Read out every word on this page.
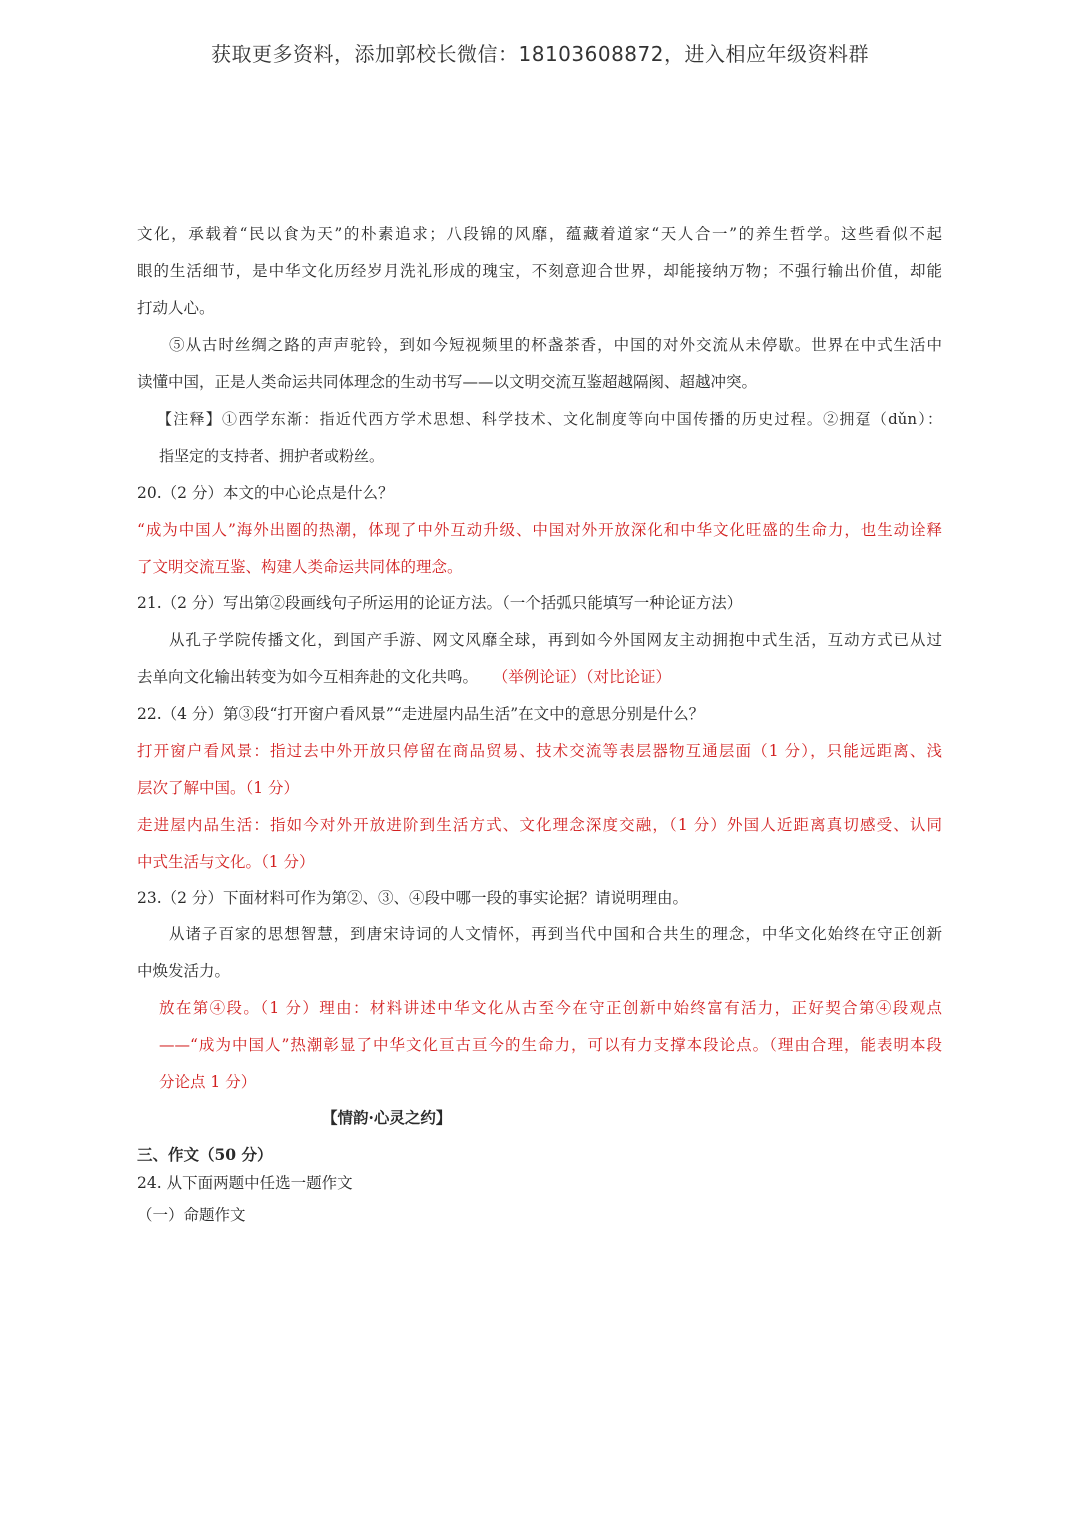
获取更多资料，添加郭校长微信：18103608872，进入相应年级资料群
文化，承载着“民以食为天”的朴素追求；八段锦的风靡，蕴藏着道家“天人合一”的养生哲学。这些看似不起
眼的生活细节，是中华文化历经岁月洗礼形成的瑰宝，不刻意迎合世界，却能接纳万物；不强行输出价值，却能
打动人心。
⑤从古时丝绸之路的声声驼铃，到如今短视频里的杯盏茶香，中国的对外交流从未停歇。世界在中式生活中
读懂中国，正是人类命运共同体理念的生动书写——以文明交流互鉴超越隔阂、超越冲突。
【注释】①西学东渐：指近代西方学术思想、科学技术、文化制度等向中国传播的历史过程。②拥趸（dǔn）：
指坚定的支持者、拥护者或粉丝。
20.（2 分）本文的中心论点是什么？
“成为中国人”海外出圈的热潮，体现了中外互动升级、中国对外开放深化和中华文化旺盛的生命力，也生动诠释
了文明交流互鉴、构建人类命运共同体的理念。
21.（2 分）写出第②段画线句子所运用的论证方法。（一个括弧只能填写一种论证方法）
从孔子学院传播文化，到国产手游、网文风靡全球，再到如今外国网友主动拥抱中式生活，互动方式已从过
去单向文化输出转变为如今互相奔赴的文化共鸣。 （举例论证）（对比论证）
22.（4 分）第③段“打开窗户看风景”“走进屋内品生活”在文中的意思分别是什么？
打开窗户看风景：指过去中外开放只停留在商品贸易、技术交流等表层器物互通层面（1 分），只能远距离、浅
层次了解中国。（1 分）
走进屋内品生活：指如今对外开放进阶到生活方式、文化理念深度交融，（1 分）外国人近距离真切感受、认同
中式生活与文化。（1 分）
23.（2 分）下面材料可作为第②、③、④段中哪一段的事实论据？请说明理由。
从诸子百家的思想智慧，到唐宋诗词的人文情怀，再到当代中国和合共生的理念，中华文化始终在守正创新
中焕发活力。
放在第④段。（1 分）理由：材料讲述中华文化从古至今在守正创新中始终富有活力，正好契合第④段观点
——“成为中国人”热潮彰显了中华文化亘古亘今的生命力，可以有力支撑本段论点。（理由合理，能表明本段
分论点 1 分）
【情韵·心灵之约】
三、作文（50 分）
24. 从下面两题中任选一题作文
（一）命题作文
